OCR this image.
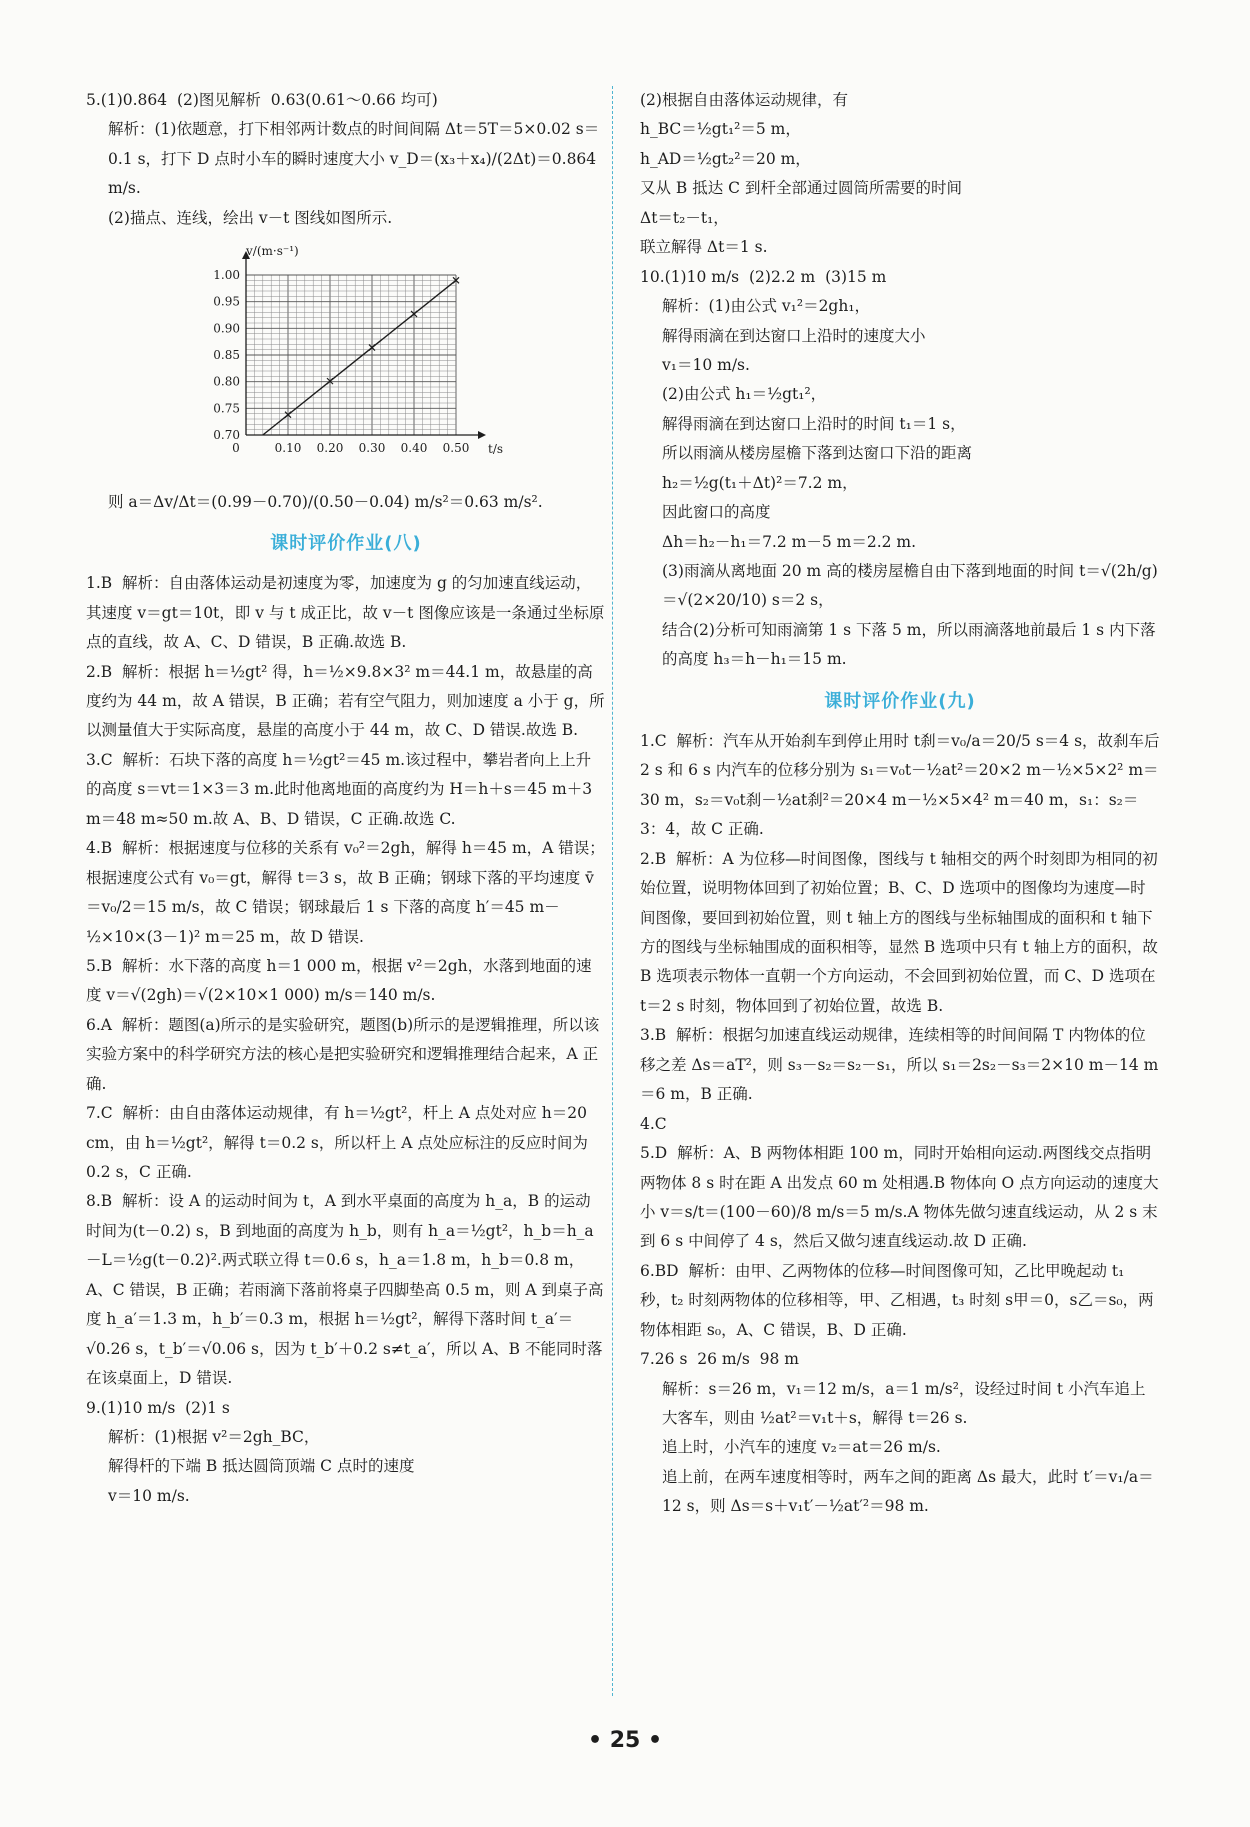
5.(1)0.864  (2)图见解析  0.63(0.61～0.66 均可)

解析：(1)依题意，打下相邻两计数点的时间间隔 Δt＝5T＝5×0.02 s＝0.1 s，打下 D 点时小车的瞬时速度大小 v_D＝(x₃＋x₄)/(2Δt)＝0.864 m/s.

(2)描点、连线，绘出 v－t 图线如图所示.

0.70
0.75
0.80
0.85
0.90
0.95
1.00
0	0.10 0.20 0.30 0.40 0.50
v/(m·s⁻¹)
t/s

则 a＝Δv/Δt＝(0.99－0.70)/(0.50－0.04) m/s²＝0.63 m/s².

课时评价作业(八)

1.B  解析：自由落体运动是初速度为零，加速度为 g 的匀加速直线运动，其速度 v＝gt＝10t，即 v 与 t 成正比，故 v－t 图像应该是一条通过坐标原点的直线，故 A、C、D 错误，B 正确.故选 B.

2.B  解析：根据 h＝½gt² 得，h＝½×9.8×3² m＝44.1 m，故悬崖的高度约为 44 m，故 A 错误，B 正确；若有空气阻力，则加速度 a 小于 g，所以测量值大于实际高度，悬崖的高度小于 44 m，故 C、D 错误.故选 B.

3.C  解析：石块下落的高度 h＝½gt²＝45 m.该过程中，攀岩者向上上升的高度 s＝vt＝1×3＝3 m.此时他离地面的高度约为 H＝h＋s＝45 m＋3 m＝48 m≈50 m.故 A、B、D 错误，C 正确.故选 C.

4.B  解析：根据速度与位移的关系有 v₀²＝2gh，解得 h＝45 m，A 错误；根据速度公式有 v₀＝gt，解得 t＝3 s，故 B 正确；钢球下落的平均速度 v̄＝v₀/2＝15 m/s，故 C 错误；钢球最后 1 s 下落的高度 h′＝45 m－½×10×(3－1)² m＝25 m，故 D 错误.

5.B  解析：水下落的高度 h＝1 000 m，根据 v²＝2gh，水落到地面的速度 v＝√(2gh)＝√(2×10×1 000) m/s＝140 m/s.

6.A  解析：题图(a)所示的是实验研究，题图(b)所示的是逻辑推理，所以该实验方案中的科学研究方法的核心是把实验研究和逻辑推理结合起来，A 正确.

7.C  解析：由自由落体运动规律，有 h＝½gt²，杆上 A 点处对应 h＝20 cm，由 h＝½gt²，解得 t＝0.2 s，所以杆上 A 点处应标注的反应时间为 0.2 s，C 正确.

8.B  解析：设 A 的运动时间为 t，A 到水平桌面的高度为 h_a，B 的运动时间为(t－0.2) s，B 到地面的高度为 h_b，则有 h_a＝½gt²，h_b＝h_a－L＝½g(t－0.2)².两式联立得 t＝0.6 s，h_a＝1.8 m，h_b＝0.8 m，A、C 错误，B 正确；若雨滴下落前将桌子四脚垫高 0.5 m，则 A 到桌子高度 h_a′＝1.3 m，h_b′＝0.3 m，根据 h＝½gt²，解得下落时间 t_a′＝√0.26 s，t_b′＝√0.06 s，因为 t_b′＋0.2 s≠t_a′，所以 A、B 不能同时落在该桌面上，D 错误.

9.(1)10 m/s  (2)1 s

解析：(1)根据 v²＝2gh_BC，
解得杆的下端 B 抵达圆筒顶端 C 点时的速度
v＝10 m/s.

(2)根据自由落体运动规律，有
h_BC＝½gt₁²＝5 m，
h_AD＝½gt₂²＝20 m，
又从 B 抵达 C 到杆全部通过圆筒所需要的时间
Δt＝t₂－t₁，
联立解得 Δt＝1 s.

10.(1)10 m/s  (2)2.2 m  (3)15 m

解析：(1)由公式 v₁²＝2gh₁，
解得雨滴在到达窗口上沿时的速度大小
v₁＝10 m/s.
(2)由公式 h₁＝½gt₁²，
解得雨滴在到达窗口上沿时的时间 t₁＝1 s，
所以雨滴从楼房屋檐下落到达窗口下沿的距离
h₂＝½g(t₁＋Δt)²＝7.2 m，
因此窗口的高度
Δh＝h₂－h₁＝7.2 m－5 m＝2.2 m.
(3)雨滴从离地面 20 m 高的楼房屋檐自由下落到地面的时间 t＝√(2h/g)＝√(2×20/10) s＝2 s，
结合(2)分析可知雨滴第 1 s 下落 5 m，所以雨滴落地前最后 1 s 内下落的高度 h₃＝h－h₁＝15 m.

课时评价作业(九)

1.C  解析：汽车从开始刹车到停止用时 t刹＝v₀/a＝20/5 s＝4 s，故刹车后 2 s 和 6 s 内汽车的位移分别为 s₁＝v₀t－½at²＝20×2 m－½×5×2² m＝30 m，s₂＝v₀t刹－½at刹²＝20×4 m－½×5×4² m＝40 m，s₁：s₂＝3：4，故 C 正确.

2.B  解析：A 为位移—时间图像，图线与 t 轴相交的两个时刻即为相同的初始位置，说明物体回到了初始位置；B、C、D 选项中的图像均为速度—时间图像，要回到初始位置，则 t 轴上方的图线与坐标轴围成的面积和 t 轴下方的图线与坐标轴围成的面积相等，显然 B 选项中只有 t 轴上方的面积，故 B 选项表示物体一直朝一个方向运动，不会回到初始位置，而 C、D 选项在 t＝2 s 时刻，物体回到了初始位置，故选 B.

3.B  解析：根据匀加速直线运动规律，连续相等的时间间隔 T 内物体的位移之差 Δs＝aT²，则 s₃－s₂＝s₂－s₁，所以 s₁＝2s₂－s₃＝2×10 m－14 m＝6 m，B 正确.

4.C

5.D  解析：A、B 两物体相距 100 m，同时开始相向运动.两图线交点指明两物体 8 s 时在距 A 出发点 60 m 处相遇.B 物体向 O 点方向运动的速度大小 v＝s/t＝(100－60)/8 m/s＝5 m/s.A 物体先做匀速直线运动，从 2 s 末到 6 s 中间停了 4 s，然后又做匀速直线运动.故 D 正确.

6.BD  解析：由甲、乙两物体的位移—时间图像可知，乙比甲晚起动 t₁ 秒，t₂ 时刻两物体的位移相等，甲、乙相遇，t₃ 时刻 s甲＝0，s乙＝s₀，两物体相距 s₀，A、C 错误，B、D 正确.

7.26 s  26 m/s  98 m

解析：s＝26 m，v₁＝12 m/s，a＝1 m/s²，设经过时间 t 小汽车追上大客车，则由 ½at²＝v₁t＋s，解得 t＝26 s.
追上时，小汽车的速度 v₂＝at＝26 m/s.
追上前，在两车速度相等时，两车之间的距离 Δs 最大，此时 t′＝v₁/a＝12 s，则 Δs＝s＋v₁t′－½at′²＝98 m.

• 25 •
